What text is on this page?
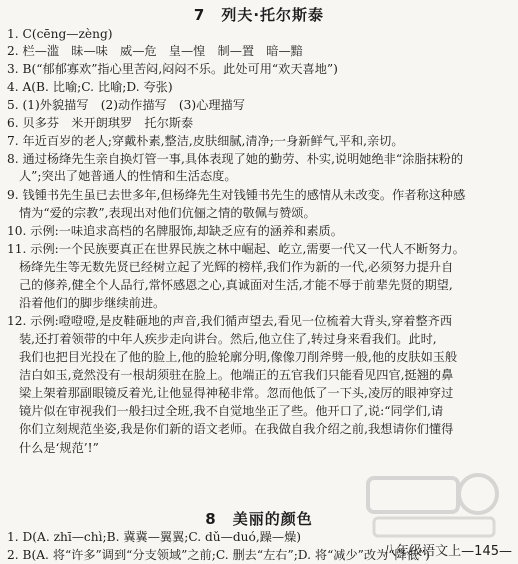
7　列夫·托尔斯泰
1. C(cēng—zèng)
2. 栏—滥　昧—味　威—危　皇—惶　制—置　暗—黯
3. B(“郁郁寡欢”指心里苦闷,闷闷不乐。此处可用“欢天喜地”)
4. A(B. 比喻;C. 比喻;D. 夸张)
5. (1)外貌描写　(2)动作描写　(3)心理描写
6. 贝多芬　米开朗琪罗　托尔斯泰
7. 年近百岁的老人;穿戴朴素,整洁,皮肤细腻,清净;一身新鲜气,平和,亲切。
8. 通过杨绛先生亲自换灯管一事,具体表现了她的勤劳、朴实,说明她绝非“涂脂抹粉的
人”;突出了她普通人的性情和生活态度。
9. 钱锺书先生虽已去世多年,但杨绛先生对钱锺书先生的感情从未改变。作者称这种感
情为“爱的宗教”,表现出对他们伉俪之情的敬佩与赞颂。
10. 示例:一味追求高档的名牌服饰,却缺乏应有的涵养和素质。
11. 示例:一个民族要真正在世界民族之林中崛起、屹立,需要一代又一代人不断努力。
杨绛先生等无数先贤已经树立起了光辉的榜样,我们作为新的一代,必须努力提升自
己的修养,健全个人品行,常怀感恩之心,真诚面对生活,才能不辱于前辈先贤的期望,
沿着他们的脚步继续前进。
12. 示例:噔噔噔,是皮鞋砸地的声音,我们循声望去,看见一位梳着大背头,穿着整齐西
装,还打着领带的中年人疾步走向讲台。然后,他立住了,转过身来看我们。此时,
我们也把目光投在了他的脸上,他的脸轮廓分明,像像刀削斧劈一般,他的皮肤如玉般
洁白如玉,竟然没有一根胡须驻在脸上。他端正的五官我们只能看见四官,挺翘的鼻
梁上架着那副眼镜反着光,让他显得神秘非常。忽而他低了一下头,凌厉的眼神穿过
镜片似在审视我们一般扫过全班,我不自觉地坐正了些。他开口了,说:“同学们,请
你们立刻规范坐姿,我是你们新的语文老师。在我做自我介绍之前,我想请你们懂得
什么是‘规范’!”
1. D(A. zhī—chì;B. 冀冀—翼翼;C. dǔ—duó,躁—燥)
2. B(A. 将“许多”调到“分支领域”之前;C. 删去“左右”;D. 将“减少”改为“降低”)
8　美丽的颜色
八年级语文上—145—
